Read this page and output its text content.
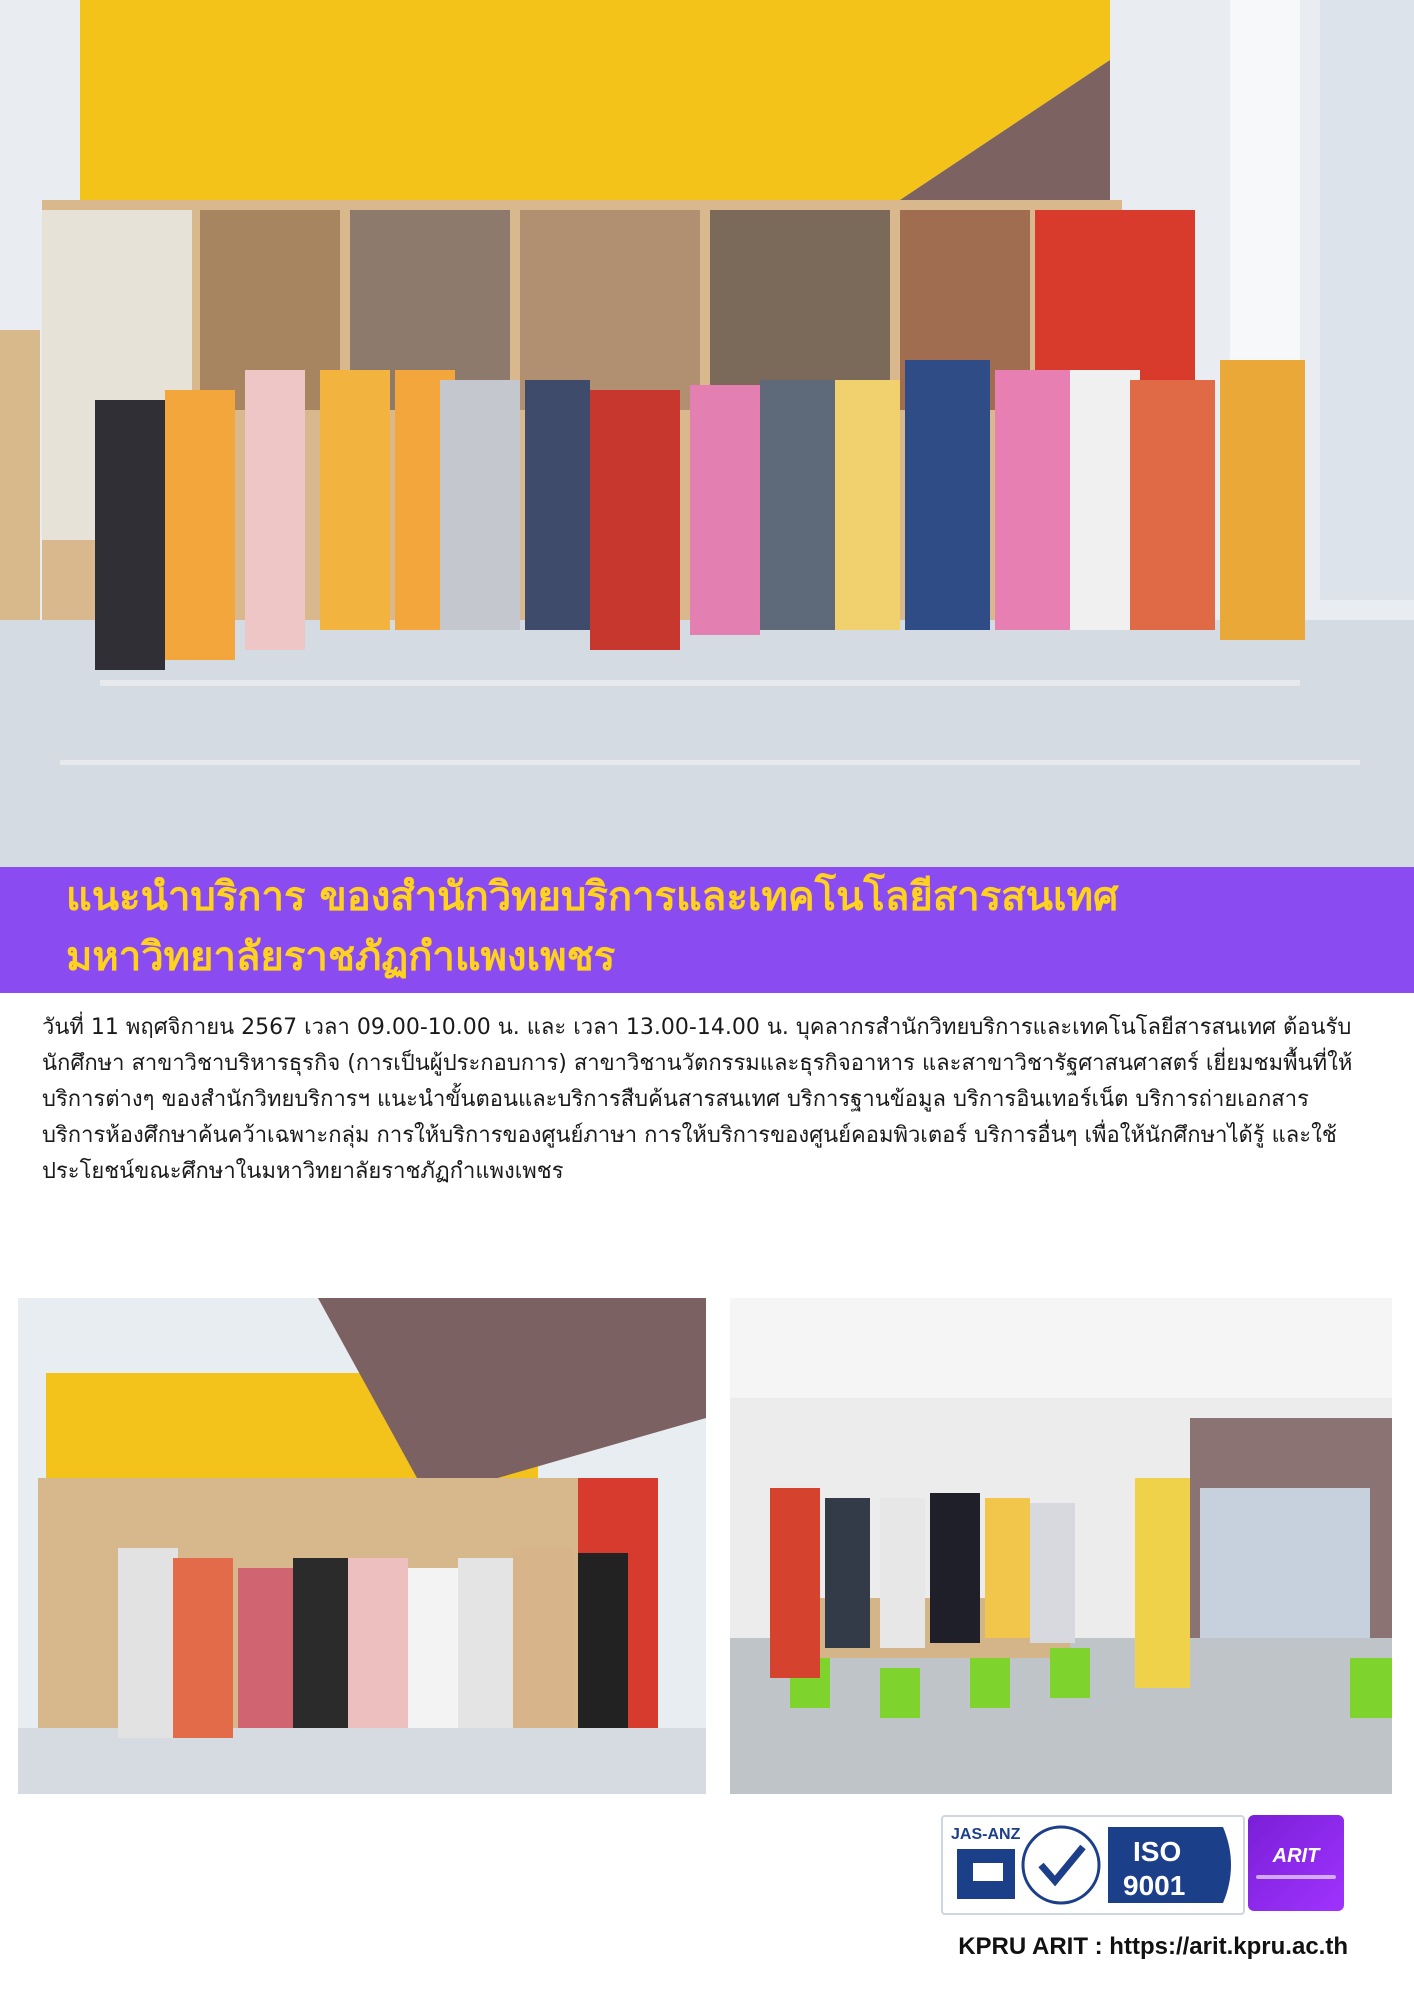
แนะนำบริการ ของสำนักวิทยบริการและเทคโนโลยีสารสนเทศ
มหาวิทยาลัยราชภัฏกำแพงเพชร

วันที่ 11 พฤศจิกายน 2567 เวลา 09.00-10.00 น. และ เวลา 13.00-14.00 น. บุคลากรสำนักวิทยบริการและเทคโนโลยีสารสนเทศ ต้อนรับนักศึกษา สาขาวิชาบริหารธุรกิจ (การเป็นผู้ประกอบการ) สาขาวิชานวัตกรรมและธุรกิจอาหาร และสาขาวิชารัฐศาสนศาสตร์ เยี่ยมชมพื้นที่ให้บริการต่างๆ ของสำนักวิทยบริการฯ แนะนำขั้นตอนและบริการสืบค้นสารสนเทศ บริการฐานข้อมูล บริการอินเทอร์เน็ต บริการถ่ายเอกสาร บริการห้องศึกษาค้นคว้าเฉพาะกลุ่ม การให้บริการของศูนย์ภาษา การให้บริการของศูนย์คอมพิวเตอร์ บริการอื่นๆ เพื่อให้นักศึกษาได้รู้ และใช้ประโยชน์ขณะศึกษาในมหาวิทยาลัยราชภัฏกำแพงเพชร

JAS-ANZ
ISO
9001
ARIT

KPRU ARIT : https://arit.kpru.ac.th
